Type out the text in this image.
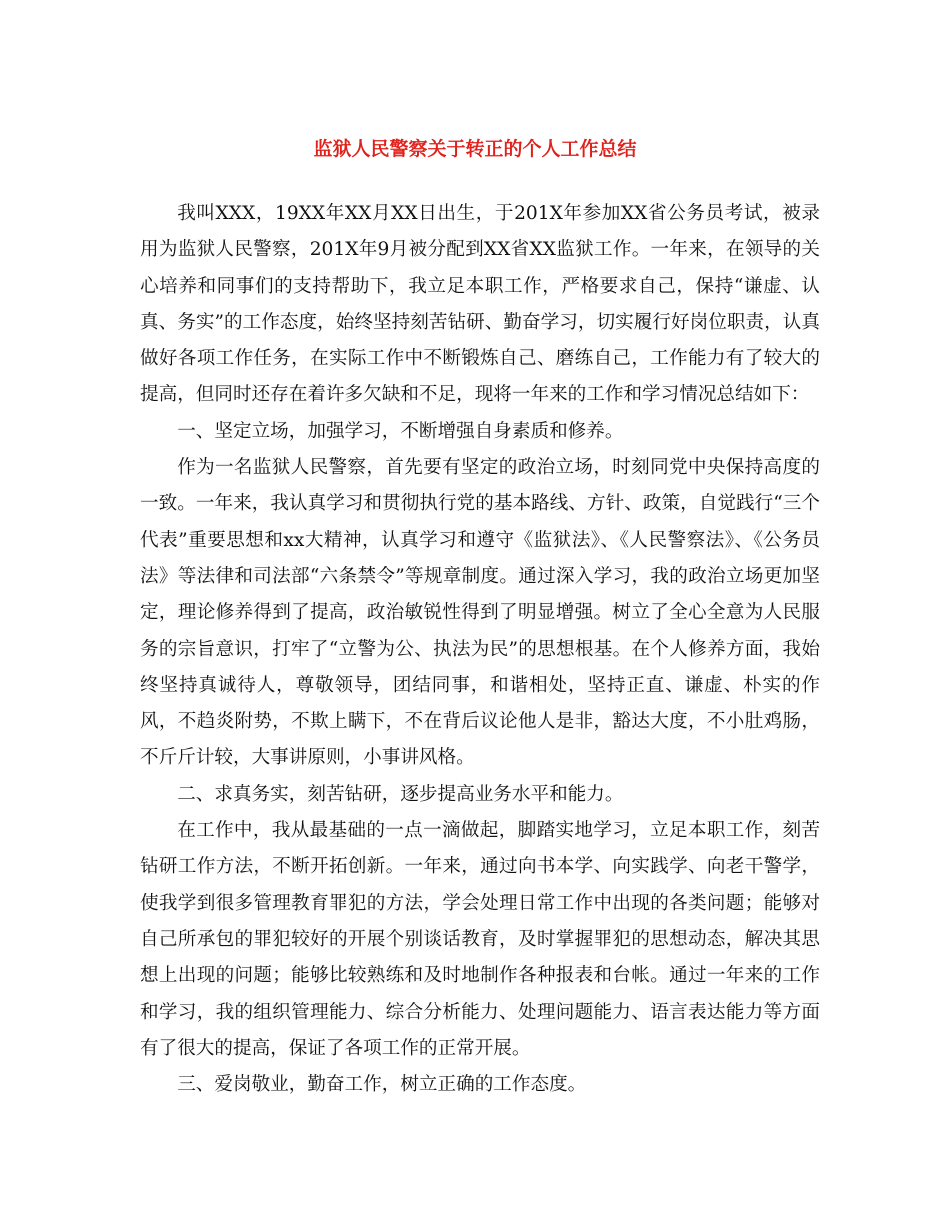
监狱人民警察关于转正的个人工作总结

我叫XXX，19XX年XX月XX日出生，于201X年参加XX省公务员考试，被录用为监狱人民警察，201X年9月被分配到XX省XX监狱工作。一年来，在领导的关心培养和同事们的支持帮助下，我立足本职工作，严格要求自己，保持“谦虚、认真、务实”的工作态度，始终坚持刻苦钻研、勤奋学习，切实履行好岗位职责，认真做好各项工作任务，在实际工作中不断锻炼自己、磨练自己，工作能力有了较大的提高，但同时还存在着许多欠缺和不足，现将一年来的工作和学习情况总结如下：

一、坚定立场，加强学习，不断增强自身素质和修养。

作为一名监狱人民警察，首先要有坚定的政治立场，时刻同党中央保持高度的一致。一年来，我认真学习和贯彻执行党的基本路线、方针、政策，自觉践行“三个代表”重要思想和xx大精神，认真学习和遵守《监狱法》、《人民警察法》、《公务员法》等法律和司法部“六条禁令”等规章制度。通过深入学习，我的政治立场更加坚定，理论修养得到了提高，政治敏锐性得到了明显增强。树立了全心全意为人民服务的宗旨意识，打牢了“立警为公、执法为民”的思想根基。在个人修养方面，我始终坚持真诚待人，尊敬领导，团结同事，和谐相处，坚持正直、谦虚、朴实的作风，不趋炎附势，不欺上瞒下，不在背后议论他人是非，豁达大度，不小肚鸡肠，不斤斤计较，大事讲原则，小事讲风格。

二、求真务实，刻苦钻研，逐步提高业务水平和能力。

在工作中，我从最基础的一点一滴做起，脚踏实地学习，立足本职工作，刻苦钻研工作方法，不断开拓创新。一年来，通过向书本学、向实践学、向老干警学，使我学到很多管理教育罪犯的方法，学会处理日常工作中出现的各类问题；能够对自己所承包的罪犯较好的开展个别谈话教育，及时掌握罪犯的思想动态，解决其思想上出现的问题；能够比较熟练和及时地制作各种报表和台帐。通过一年来的工作和学习，我的组织管理能力、综合分析能力、处理问题能力、语言表达能力等方面有了很大的提高，保证了各项工作的正常开展。

三、爱岗敬业，勤奋工作，树立正确的工作态度。
